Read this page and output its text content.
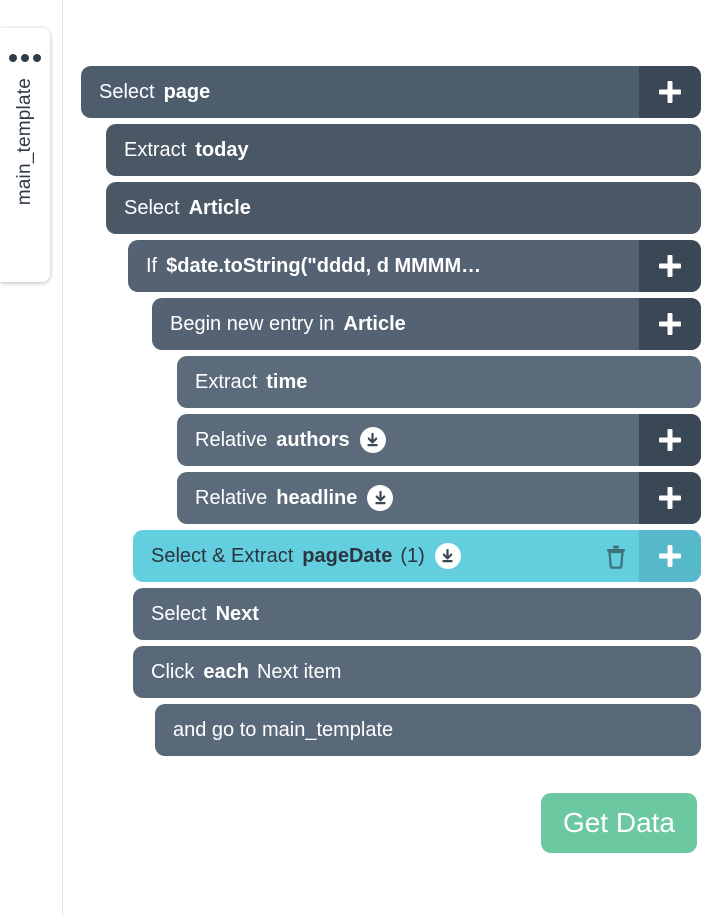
main_template	Select page
Extract today
Select Article
If $date.toString("dddd, d MMMM…
Begin new entry in Article
Extract time
Relative authors
Relative headline
Select & Extract pageDate (1)
Select Next
Click each Next item
and go to main_template
Get Data
